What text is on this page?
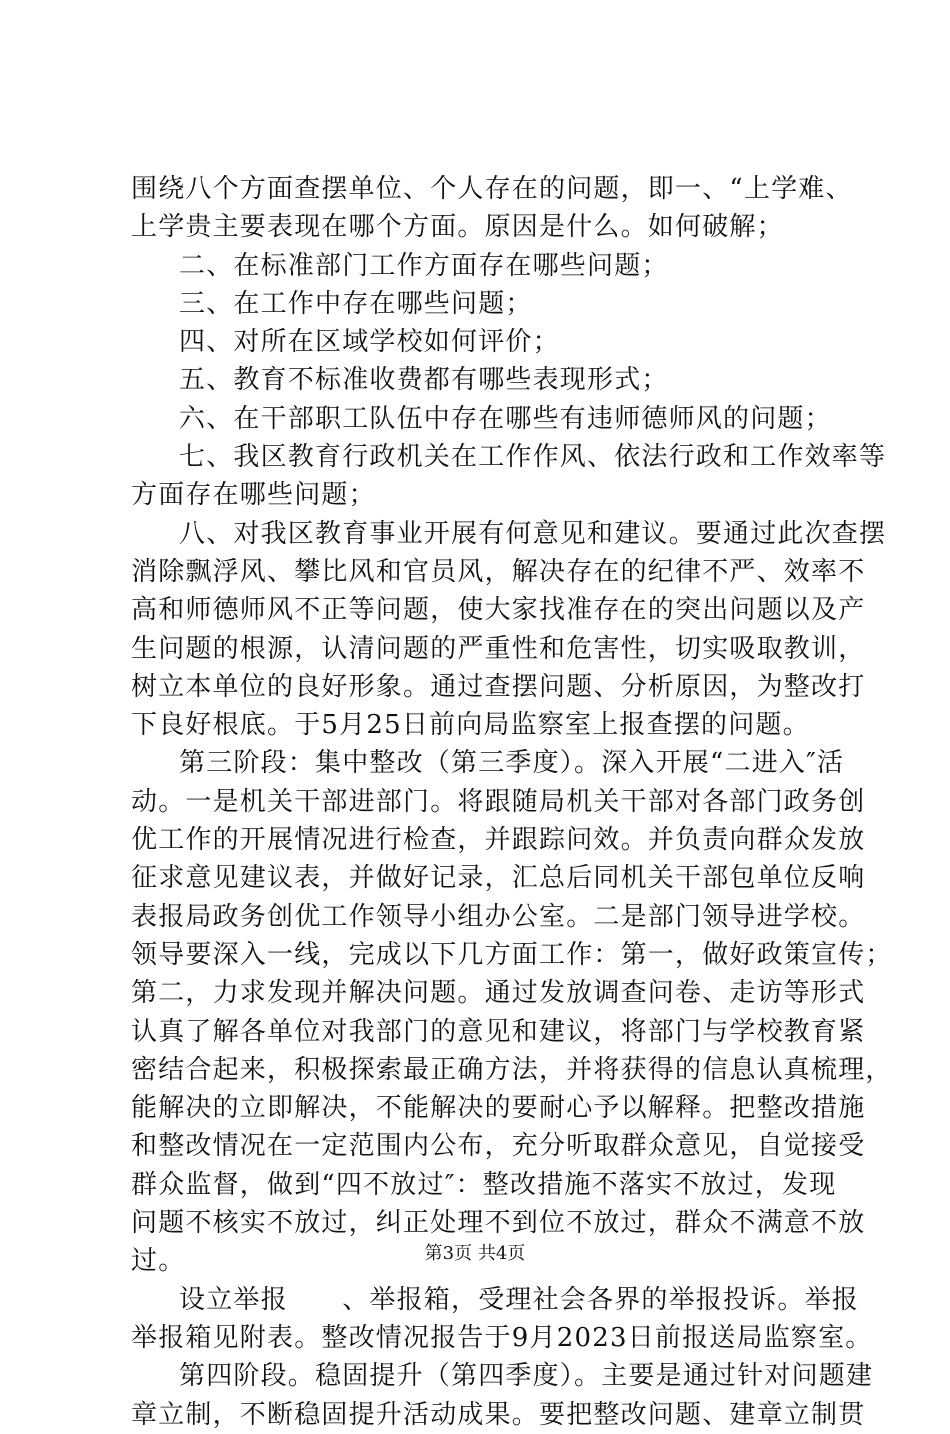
围绕八个方面查摆单位、个人存在的问题，即一、“上学难、
上学贵主要表现在哪个方面。原因是什么。如何破解；
二、在标准部门工作方面存在哪些问题；
三、在工作中存在哪些问题；
四、对所在区域学校如何评价；
五、教育不标准收费都有哪些表现形式；
六、在干部职工队伍中存在哪些有违师德师风的问题；
七、我区教育行政机关在工作作风、依法行政和工作效率等
方面存在哪些问题；
八、对我区教育事业开展有何意见和建议。要通过此次查摆
消除飘浮风、攀比风和官员风，解决存在的纪律不严、效率不
高和师德师风不正等问题，使大家找准存在的突出问题以及产
生问题的根源，认清问题的严重性和危害性，切实吸取教训，
树立本单位的良好形象。通过查摆问题、分析原因，为整改打
下良好根底。于5月25日前向局监察室上报查摆的问题。
第三阶段：集中整改（第三季度）。深入开展“二进入″活
动。一是机关干部进部门。将跟随局机关干部对各部门政务创
优工作的开展情况进行检查，并跟踪问效。并负责向群众发放
征求意见建议表，并做好记录，汇总后同机关干部包单位反响
表报局政务创优工作领导小组办公室。二是部门领导进学校。
领导要深入一线，完成以下几方面工作：第一，做好政策宣传；
第二，力求发现并解决问题。通过发放调查问卷、走访等形式
认真了解各单位对我部门的意见和建议，将部门与学校教育紧
密结合起来，积极探索最正确方法，并将获得的信息认真梳理，
能解决的立即解决，不能解决的要耐心予以解释。把整改措施
和整改情况在一定范围内公布，充分听取群众意见，自觉接受
群众监督，做到“四不放过″：整改措施不落实不放过，发现
问题不核实不放过，纠正处理不到位不放过，群众不满意不放
过。
设立举报　　、举报箱，受理社会各界的举报投诉。举报
举报箱见附表。整改情况报告于9月2023日前报送局监察室。
第四阶段。稳固提升（第四季度）。主要是通过针对问题建
章立制，不断稳固提升活动成果。要把整改问题、建章立制贯
第3页 共4页
